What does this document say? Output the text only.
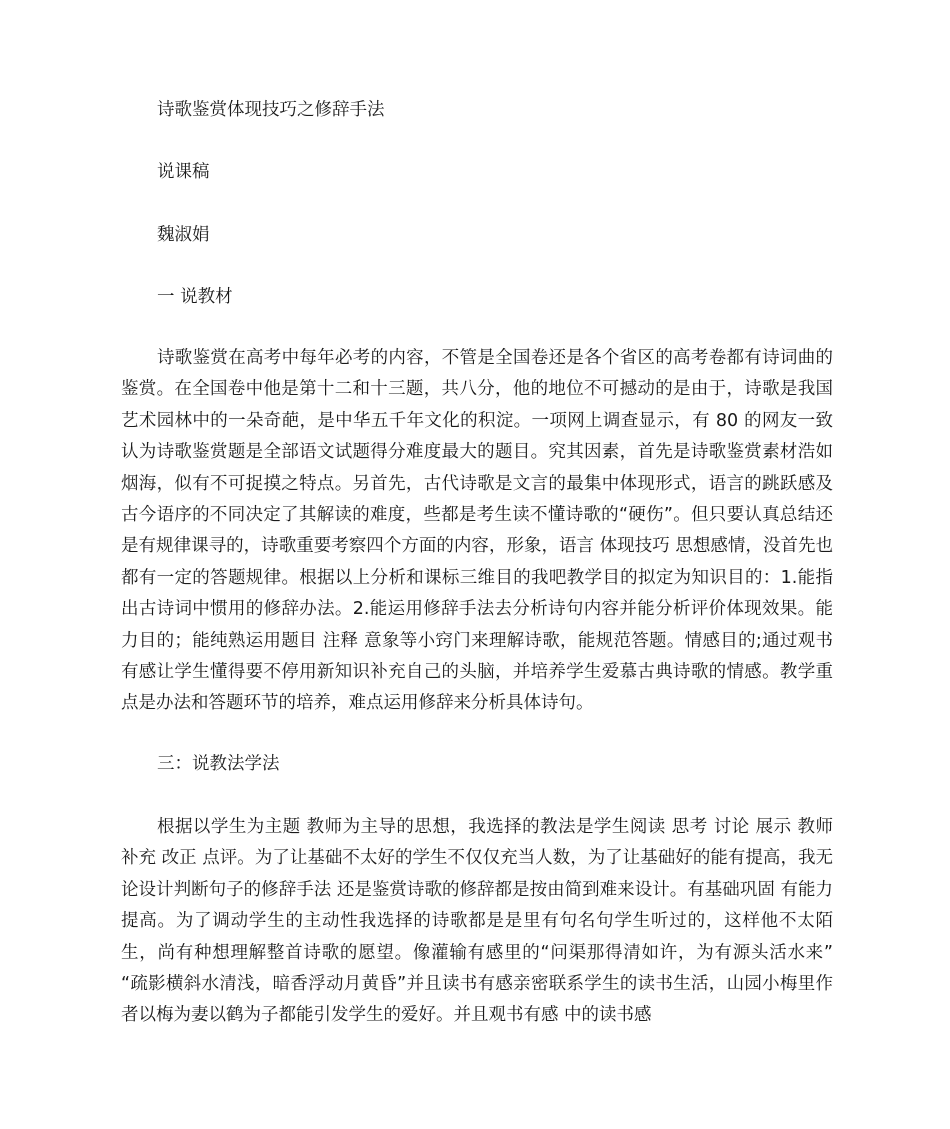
诗歌鉴赏体现技巧之修辞手法
说课稿
魏淑娟
一 说教材
诗歌鉴赏在高考中每年必考的内容，不管是全国卷还是各个省区的高考卷都有诗词曲的鉴赏。在全国卷中他是第十二和十三题，共八分，他的地位不可撼动的是由于，诗歌是我国艺术园林中的一朵奇葩，是中华五千年文化的积淀。一项网上调查显示，有 80 的网友一致认为诗歌鉴赏题是全部语文试题得分难度最大的题目。究其因素，首先是诗歌鉴赏素材浩如烟海，似有不可捉摸之特点。另首先，古代诗歌是文言的最集中体现形式，语言的跳跃感及古今语序的不同决定了其解读的难度，些都是考生读不懂诗歌的“硬伤”。但只要认真总结还是有规律课寻的，诗歌重要考察四个方面的内容，形象，语言 体现技巧 思想感情，没首先也都有一定的答题规律。根据以上分析和课标三维目的我吧教学目的拟定为知识目的：1.能指出古诗词中惯用的修辞办法。2.能运用修辞手法去分析诗句内容并能分析评价体现效果。能力目的；能纯熟运用题目 注释 意象等小窍门来理解诗歌，能规范答题。情感目的;通过观书有感让学生懂得要不停用新知识补充自己的头脑，并培养学生爱慕古典诗歌的情感。教学重点是办法和答题环节的培养，难点运用修辞来分析具体诗句。
三：说教法学法
根据以学生为主题 教师为主导的思想，我选择的教法是学生阅读 思考 讨论 展示 教师 补充 改正 点评。为了让基础不太好的学生不仅仅充当人数，为了让基础好的能有提高，我无论设计判断句子的修辞手法 还是鉴赏诗歌的修辞都是按由简到难来设计。有基础巩固 有能力提高。为了调动学生的主动性我选择的诗歌都是是里有句名句学生听过的，这样他不太陌生，尚有种想理解整首诗歌的愿望。像灌输有感里的“问渠那得清如许，为有源头活水来” “疏影横斜水清浅，暗香浮动月黄昏”并且读书有感亲密联系学生的读书生活，山园小梅里作者以梅为妻以鹤为子都能引发学生的爱好。并且观书有感 中的读书感
